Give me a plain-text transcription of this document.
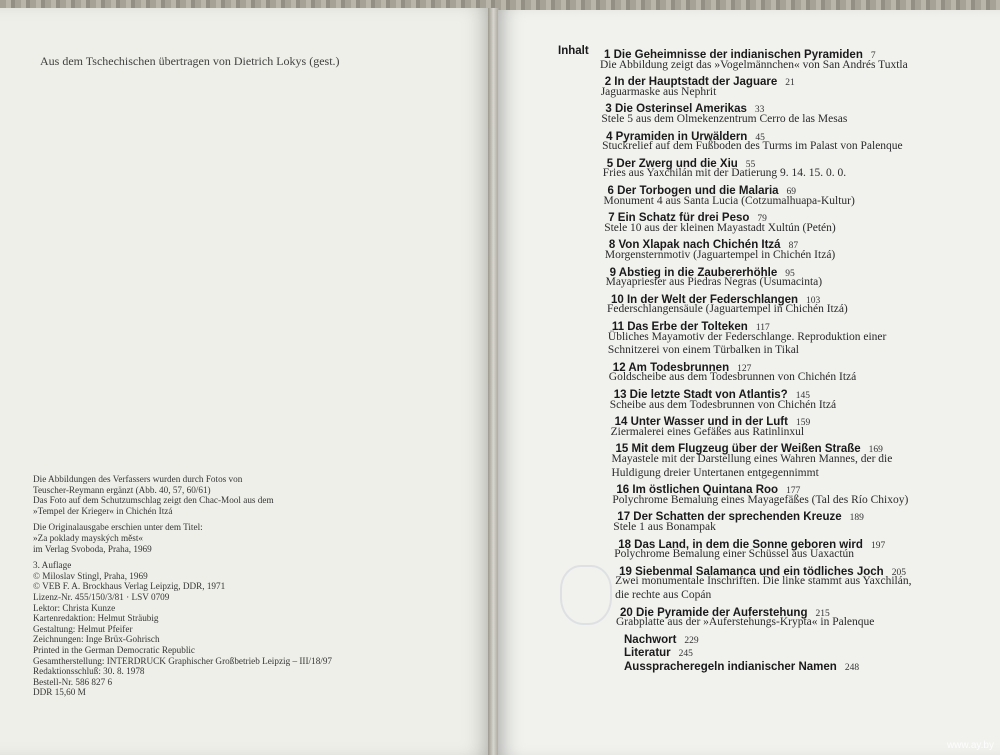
Aus dem Tschechischen übertragen von Dietrich Lokys (gest.)
Die Abbildungen des Verfassers wurden durch Fotos von
Teuscher-Reymann ergänzt (Abb. 40, 57, 60/61)
Das Foto auf dem Schutzumschlag zeigt den Chac-Mool aus dem
»Tempel der Krieger« in Chichén Itzá
Die Originalausgabe erschien unter dem Titel:
»Za poklady mayských měst«
im Verlag Svoboda, Praha, 1969
3. Auflage
© Miloslav Stingl, Praha, 1969
© VEB F. A. Brockhaus Verlag Leipzig, DDR, 1971
Lizenz-Nr. 455/150/3/81 · LSV 0709
Lektor: Christa Kunze
Kartenredaktion: Helmut Sträubig
Gestaltung: Helmut Pfeifer
Zeichnungen: Inge Brüx-Gohrisch
Printed in the German Democratic Republic
Gesamtherstellung: INTERDRUCK Graphischer Großbetrieb Leipzig – III/18/97
Redaktionsschluß: 30. 8. 1978
Bestell-Nr. 586 827 6
DDR 15,60 M
Inhalt 1 Die Geheimnisse der indianischen Pyramiden 7
Die Abbildung zeigt das »Vogelmännchen« von San Andrés Tuxtla
2 In der Hauptstadt der Jaguare 21
Jaguarmaske aus Nephrit
3 Die Osterinsel Amerikas 33
Stele 5 aus dem Olmekenzentrum Cerro de las Mesas
4 Pyramiden in Urwäldern 45
Stuckrelief auf dem Fußboden des Turms im Palast von Palenque
5 Der Zwerg und die Xiu 55
Fries aus Yaxchilán mit der Datierung 9. 14. 15. 0. 0.
6 Der Torbogen und die Malaria 69
Monument 4 aus Santa Lucia (Cotzumalhuapa-Kultur)
7 Ein Schatz für drei Peso 79
Stele 10 aus der kleinen Mayastadt Xultún (Petén)
8 Von Xlapak nach Chichén Itzá 87
Morgensternmotiv (Jaguartempel in Chichén Itzá)
9 Abstieg in die Zaubererhöhle 95
Mayapriester aus Piedras Negras (Usumacinta)
10 In der Welt der Federschlangen 103
Federschlangensäule (Jaguartempel in Chichén Itzá)
11 Das Erbe der Tolteken 117
Übliches Mayamotiv der Federschlange. Reproduktion einer
Schnitzerei von einem Türbalken in Tikal
12 Am Todesbrunnen 127
Goldscheibe aus dem Todesbrunnen von Chichén Itzá
13 Die letzte Stadt von Atlantis? 145
Scheibe aus dem Todesbrunnen von Chichén Itzá
14 Unter Wasser und in der Luft 159
Ziermalerei eines Gefäßes aus Ratinlinxul
15 Mit dem Flugzeug über der Weißen Straße 169
Mayastele mit der Darstellung eines Wahren Mannes, der die
Huldigung dreier Untertanen entgegennimmt
16 Im östlichen Quintana Roo 177
Polychrome Bemalung eines Mayagefäßes (Tal des Río Chixoy)
17 Der Schatten der sprechenden Kreuze 189
Stele 1 aus Bonampak
18 Das Land, in dem die Sonne geboren wird 197
Polychrome Bemalung einer Schüssel aus Uaxactún
19 Siebenmal Salamanca und ein tödliches Joch 205
Zwei monumentale Inschriften. Die linke stammt aus Yaxchilán,
die rechte aus Copán
20 Die Pyramide der Auferstehung 215
Grabplatte aus der »Auferstehungs-Krypta« in Palenque
Nachwort 229
Literatur 245
Ausspracheregeln indianischer Namen 248
www.ay.by
